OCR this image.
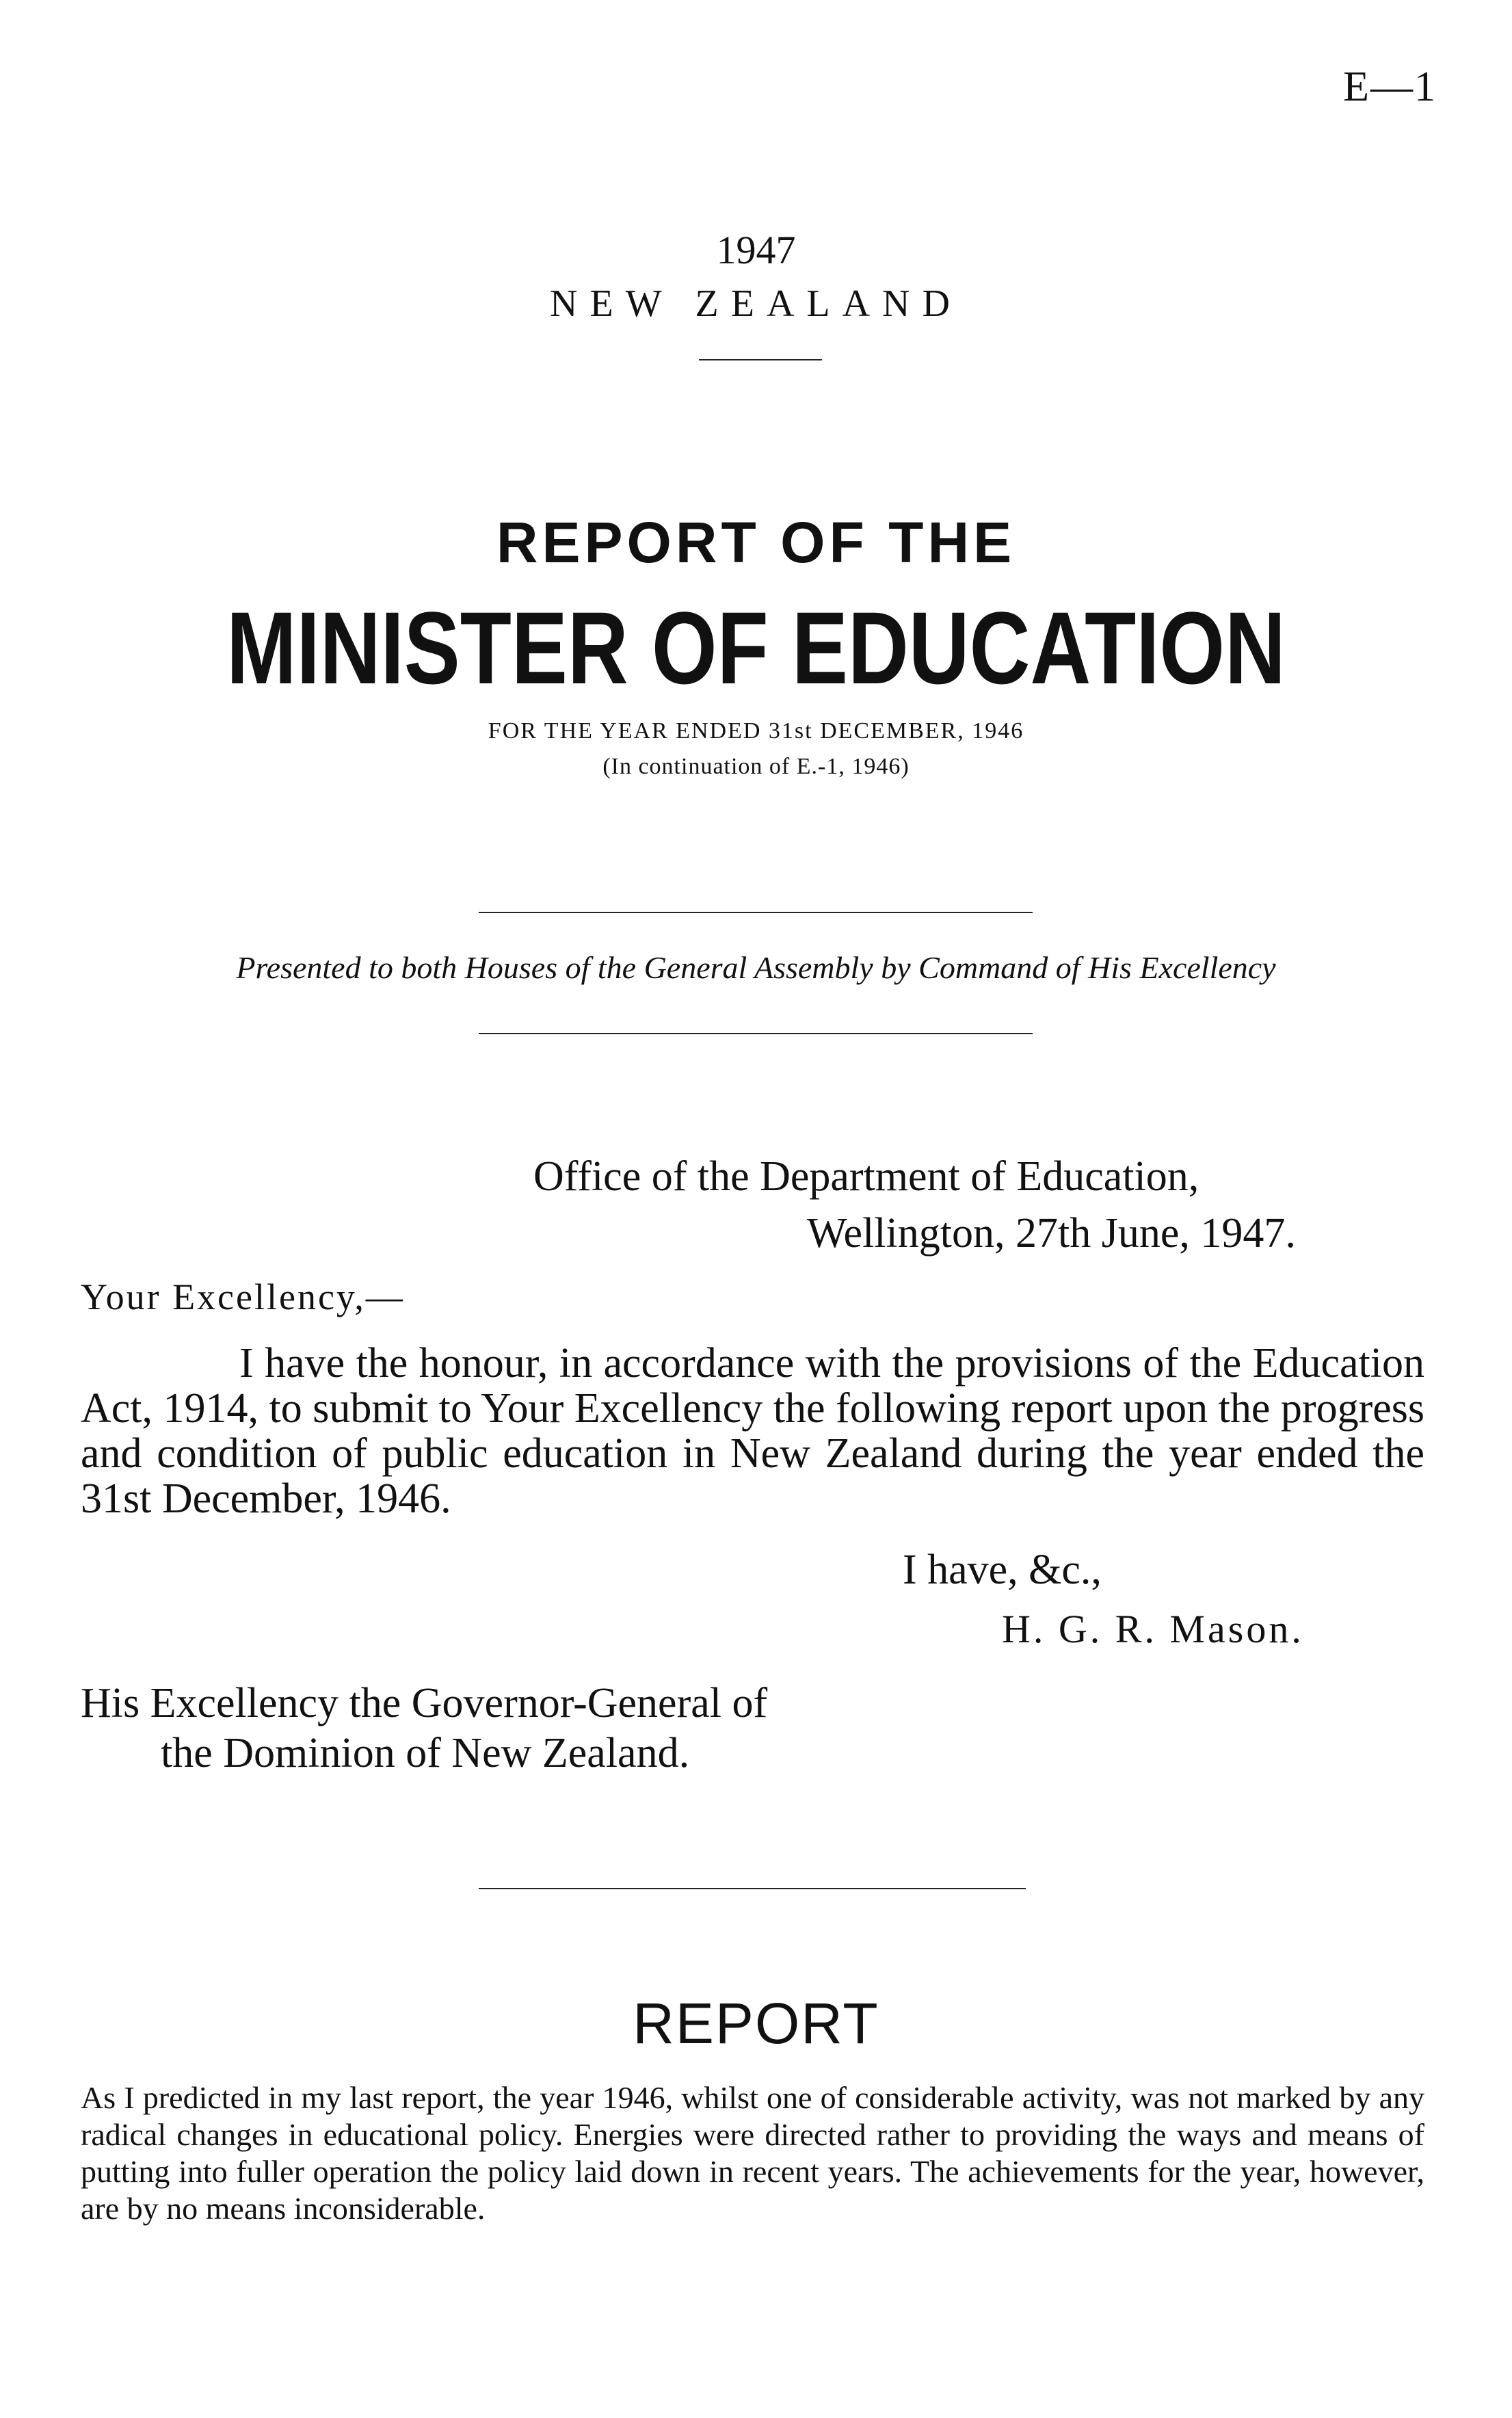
E—1
1947
NEW ZEALAND
REPORT OF THE
MINISTER OF EDUCATION
FOR THE YEAR ENDED 31st DECEMBER, 1946
(In continuation of E.-1, 1946)
Presented to both Houses of the General Assembly by Command of His Excellency
Office of the Department of Education,
Wellington, 27th June, 1947.
Your Excellency,—
I have the honour, in accordance with the provisions of the Education Act, 1914, to submit to Your Excellency the following report upon the progress and condition of public education in New Zealand during the year ended the 31st December, 1946.
I have, &c.,
H. G. R. Mason.
His Excellency the Governor-General of
the Dominion of New Zealand.
REPORT
As I predicted in my last report, the year 1946, whilst one of considerable activity, was not marked by any radical changes in educational policy. Energies were directed rather to providing the ways and means of putting into fuller operation the policy laid down in recent years. The achievements for the year, however, are by no means inconsiderable.
